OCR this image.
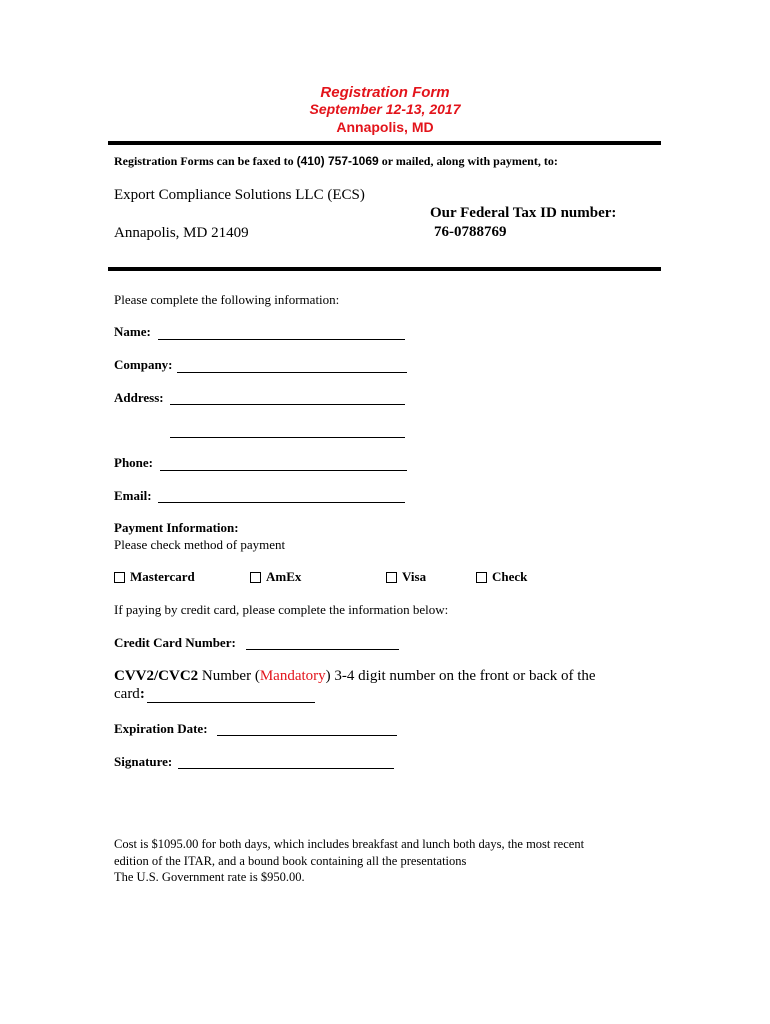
Registration Form
September 12-13, 2017
Annapolis, MD
Registration Forms can be faxed to (410) 757-1069 or mailed, along with payment, to:
Export Compliance Solutions LLC (ECS)
Annapolis, MD 21409
Our Federal Tax ID number:
76-0788769
Please complete the following information:
Name:
Company:
Address:
Phone:
Email:
Payment Information:
Please check method of payment
Mastercard	AmEx	Visa	Check
If paying by credit card, please complete the information below:
Credit Card Number:
CVV2/CVC2 Number (Mandatory) 3-4 digit number on the front or back of the
card:
Expiration Date:
Signature:
Cost is $1095.00 for both days, which includes breakfast and lunch both days, the most recent
edition of the ITAR, and a bound book containing all the presentations
The U.S. Government rate is $950.00.
